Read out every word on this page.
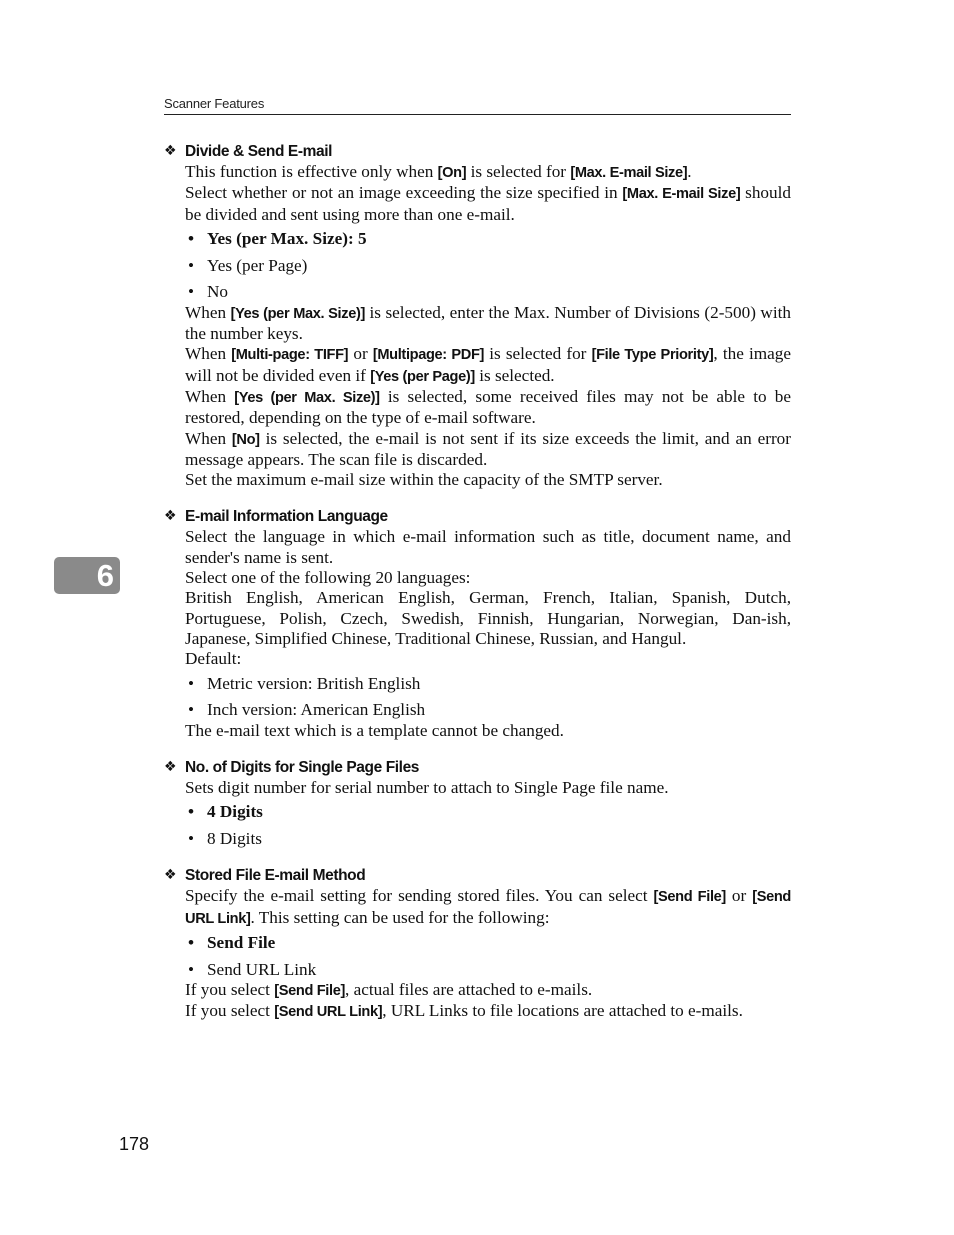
Scanner Features
6
❖ Divide & Send E-mail

This function is effective only when [On] is selected for [Max. E-mail Size].

Select whether or not an image exceeding the size specified in [Max. E-mail Size] should be divided and sent using more than one e-mail.

• Yes (per Max. Size): 5
• Yes (per Page)
• No

When [Yes (per Max. Size)] is selected, enter the Max. Number of Divisions (2-500) with the number keys.

When [Multi-page: TIFF] or [Multipage: PDF] is selected for [File Type Priority], the image will not be divided even if [Yes (per Page)] is selected.

When [Yes (per Max. Size)] is selected, some received files may not be able to be restored, depending on the type of e-mail software.

When [No] is selected, the e-mail is not sent if its size exceeds the limit, and an error message appears. The scan file is discarded.

Set the maximum e-mail size within the capacity of the SMTP server.

❖ E-mail Information Language

Select the language in which e-mail information such as title, document name, and sender's name is sent.

Select one of the following 20 languages:

British English, American English, German, French, Italian, Spanish, Dutch, Portuguese, Polish, Czech, Swedish, Finnish, Hungarian, Norwegian, Dan-ish, Japanese, Simplified Chinese, Traditional Chinese, Russian, and Hangul.

Default:

• Metric version: British English
• Inch version: American English

The e-mail text which is a template cannot be changed.

❖ No. of Digits for Single Page Files

Sets digit number for serial number to attach to Single Page file name.

• 4 Digits
• 8 Digits
❖ Stored File E-mail Method

Specify the e-mail setting for sending stored files. You can select [Send File] or [Send URL Link]. This setting can be used for the following:

• Send File
• Send URL Link

If you select [Send File], actual files are attached to e-mails.

If you select [Send URL Link], URL Links to file locations are attached to e-mails.

178
